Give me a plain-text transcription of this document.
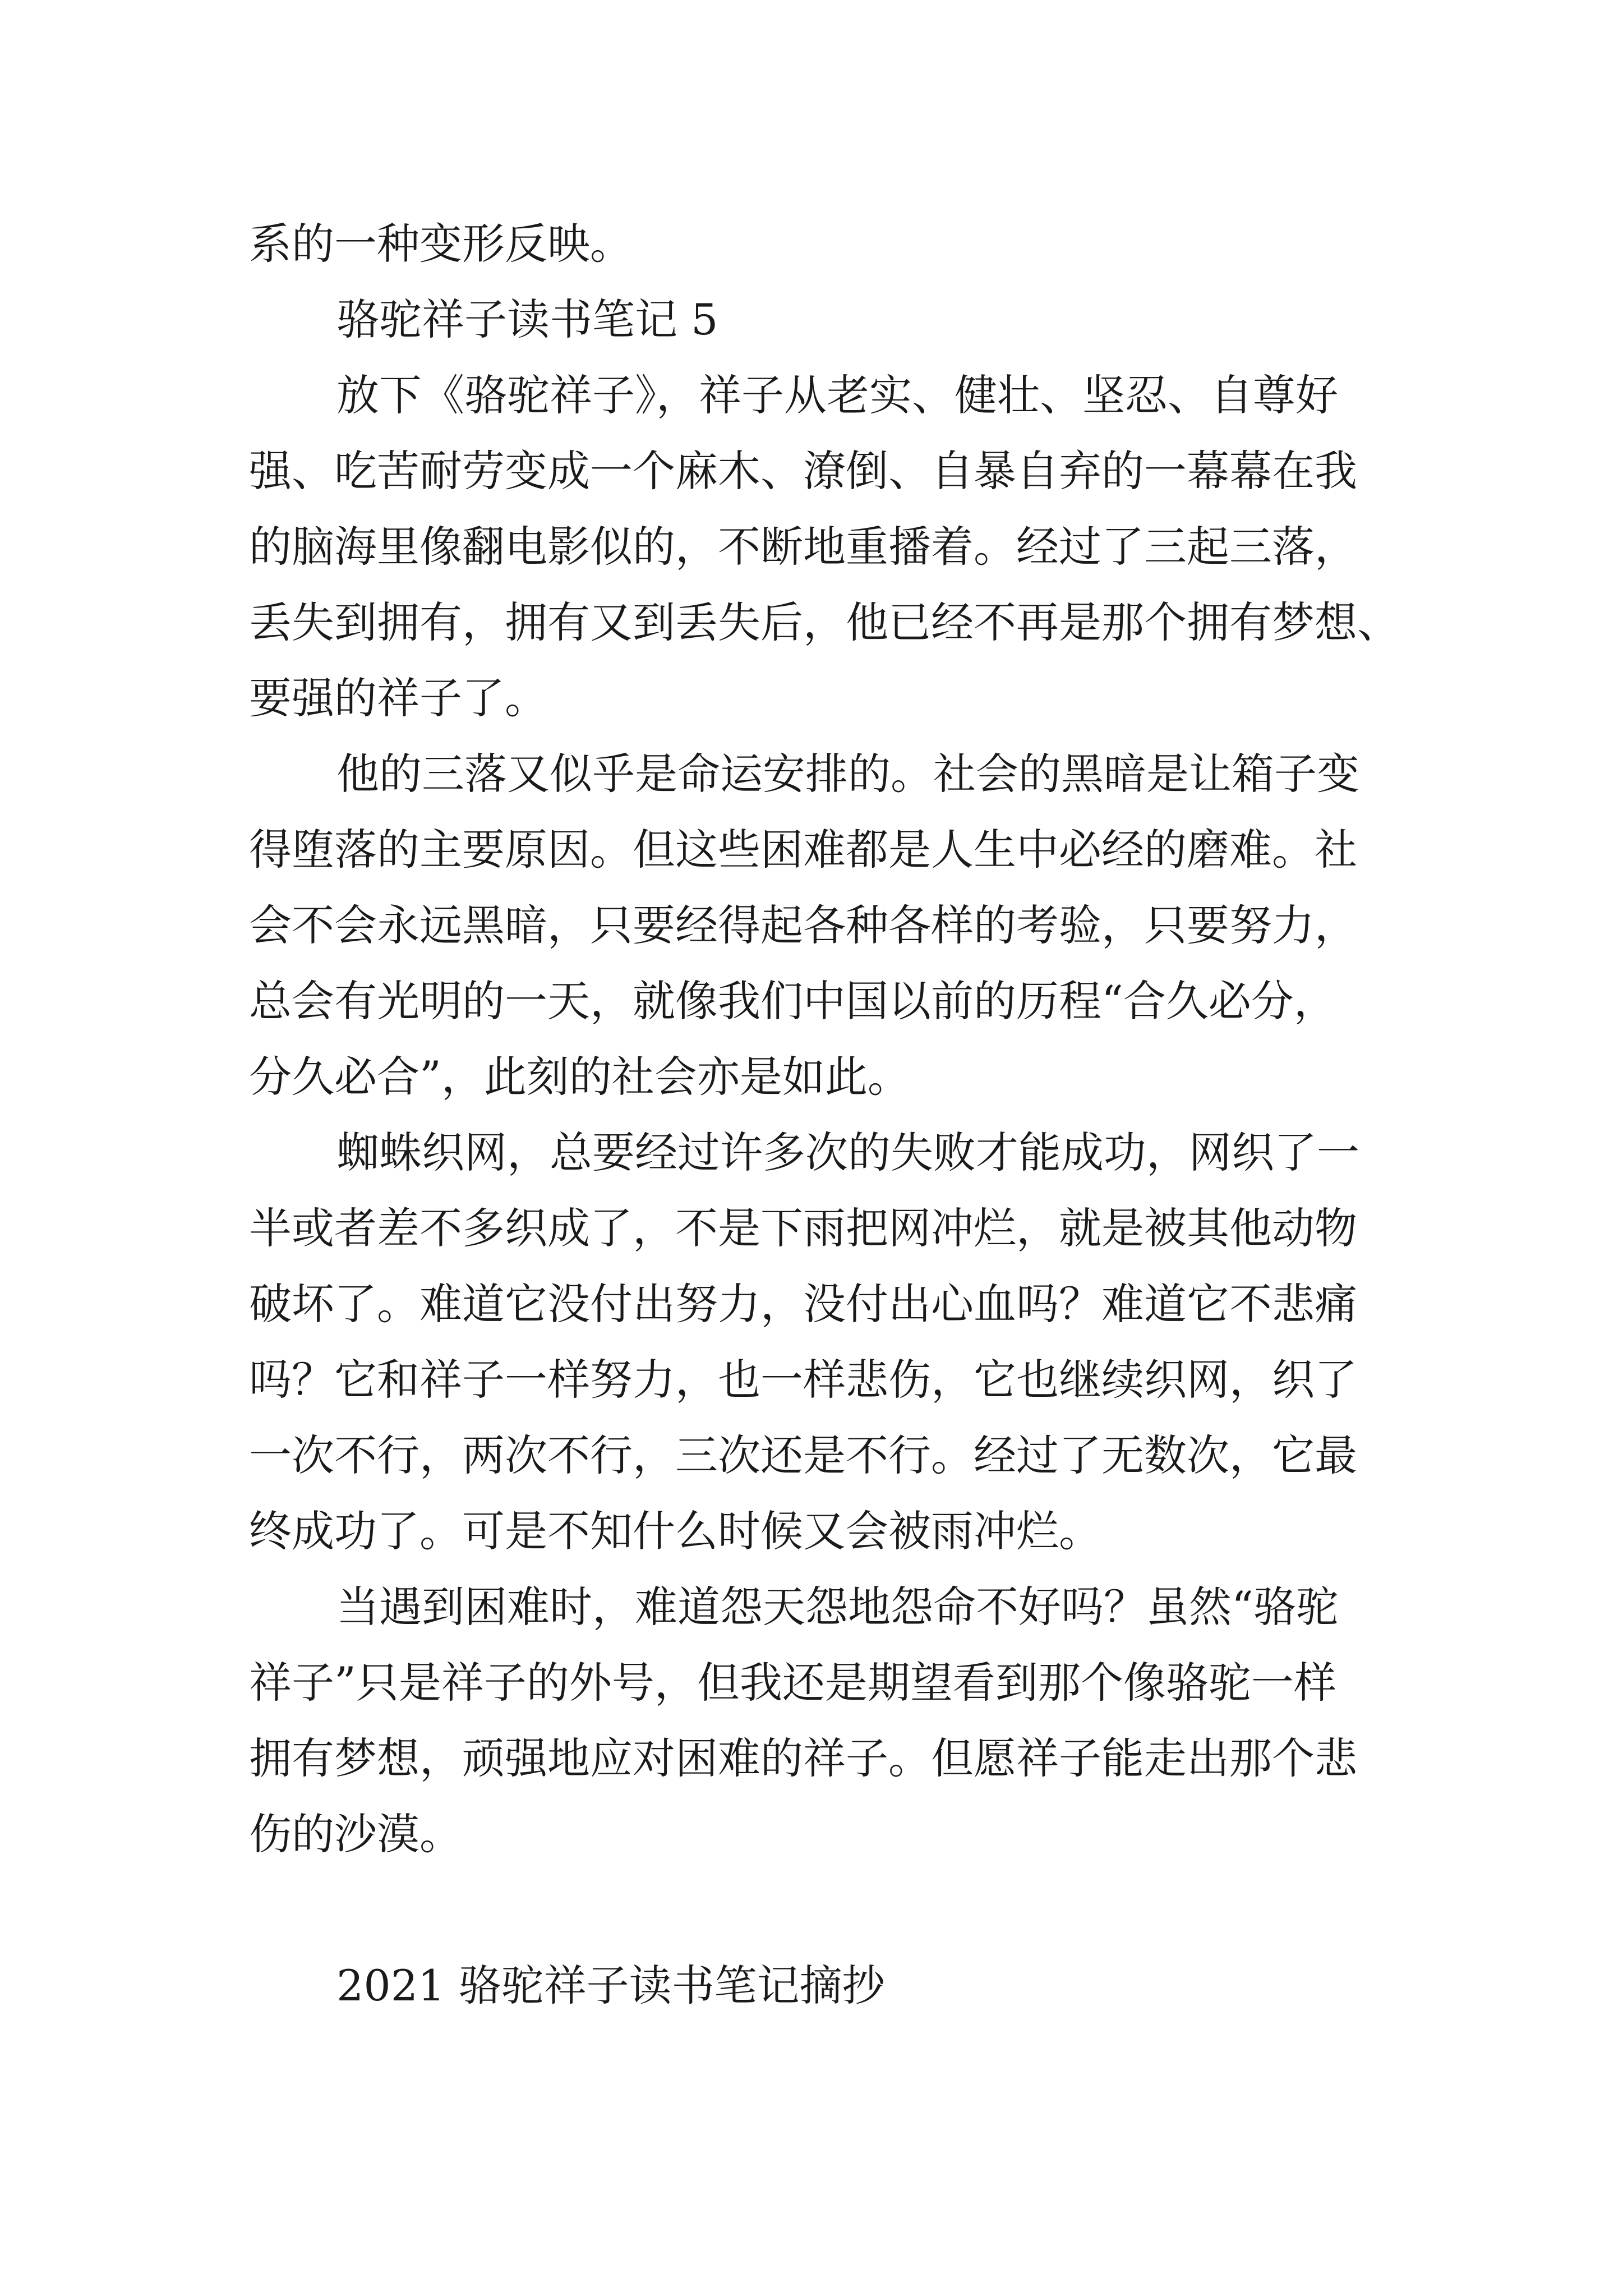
系的一种变形反映。
骆驼祥子读书笔记 5
放下《骆驼祥子》，祥子从老实、健壮、坚忍、自尊好
强、吃苦耐劳变成一个麻木、潦倒、自暴自弃的一幕幕在我
的脑海里像翻电影似的，不断地重播着。经过了三起三落，
丢失到拥有，拥有又到丢失后，他已经不再是那个拥有梦想、
要强的祥子了。
他的三落又似乎是命运安排的。社会的黑暗是让箱子变
得堕落的主要原因。但这些困难都是人生中必经的磨难。社
会不会永远黑暗，只要经得起各种各样的考验，只要努力，
总会有光明的一天，就像我们中国以前的历程“合久必分，
分久必合”，此刻的社会亦是如此。
蜘蛛织网，总要经过许多次的失败才能成功，网织了一
半或者差不多织成了，不是下雨把网冲烂，就是被其他动物
破坏了。难道它没付出努力，没付出心血吗？难道它不悲痛
吗？它和祥子一样努力，也一样悲伤，它也继续织网，织了
一次不行，两次不行，三次还是不行。经过了无数次，它最
终成功了。可是不知什么时候又会被雨冲烂。
当遇到困难时，难道怨天怨地怨命不好吗？虽然“骆驼
祥子”只是祥子的外号，但我还是期望看到那个像骆驼一样
拥有梦想，顽强地应对困难的祥子。但愿祥子能走出那个悲
伤的沙漠。
2021 骆驼祥子读书笔记摘抄
